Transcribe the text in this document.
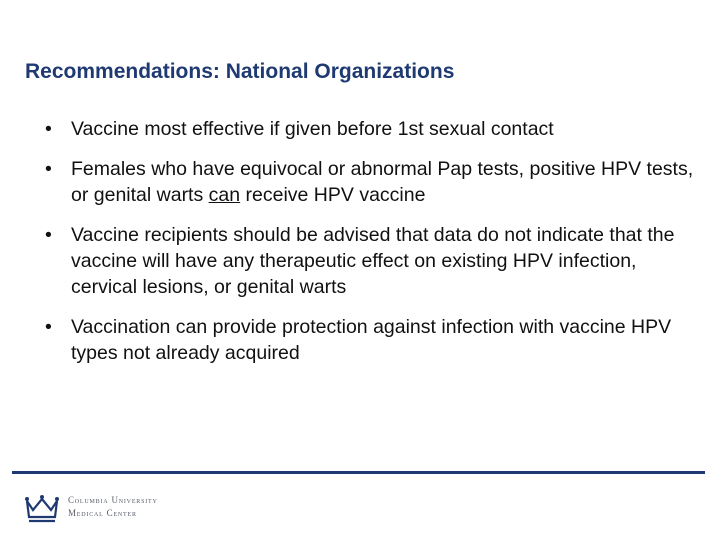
Recommendations: National Organizations
• Vaccine most effective if given before 1st sexual contact
• Females who have equivocal or abnormal Pap tests, positive HPV tests, or genital warts can receive HPV vaccine
• Vaccine recipients should be advised that data do not indicate that the vaccine will have any therapeutic effect on existing HPV infection, cervical lesions, or genital warts
• Vaccination can provide protection against infection with vaccine HPV types not already acquired
Columbia University
Medical Center
